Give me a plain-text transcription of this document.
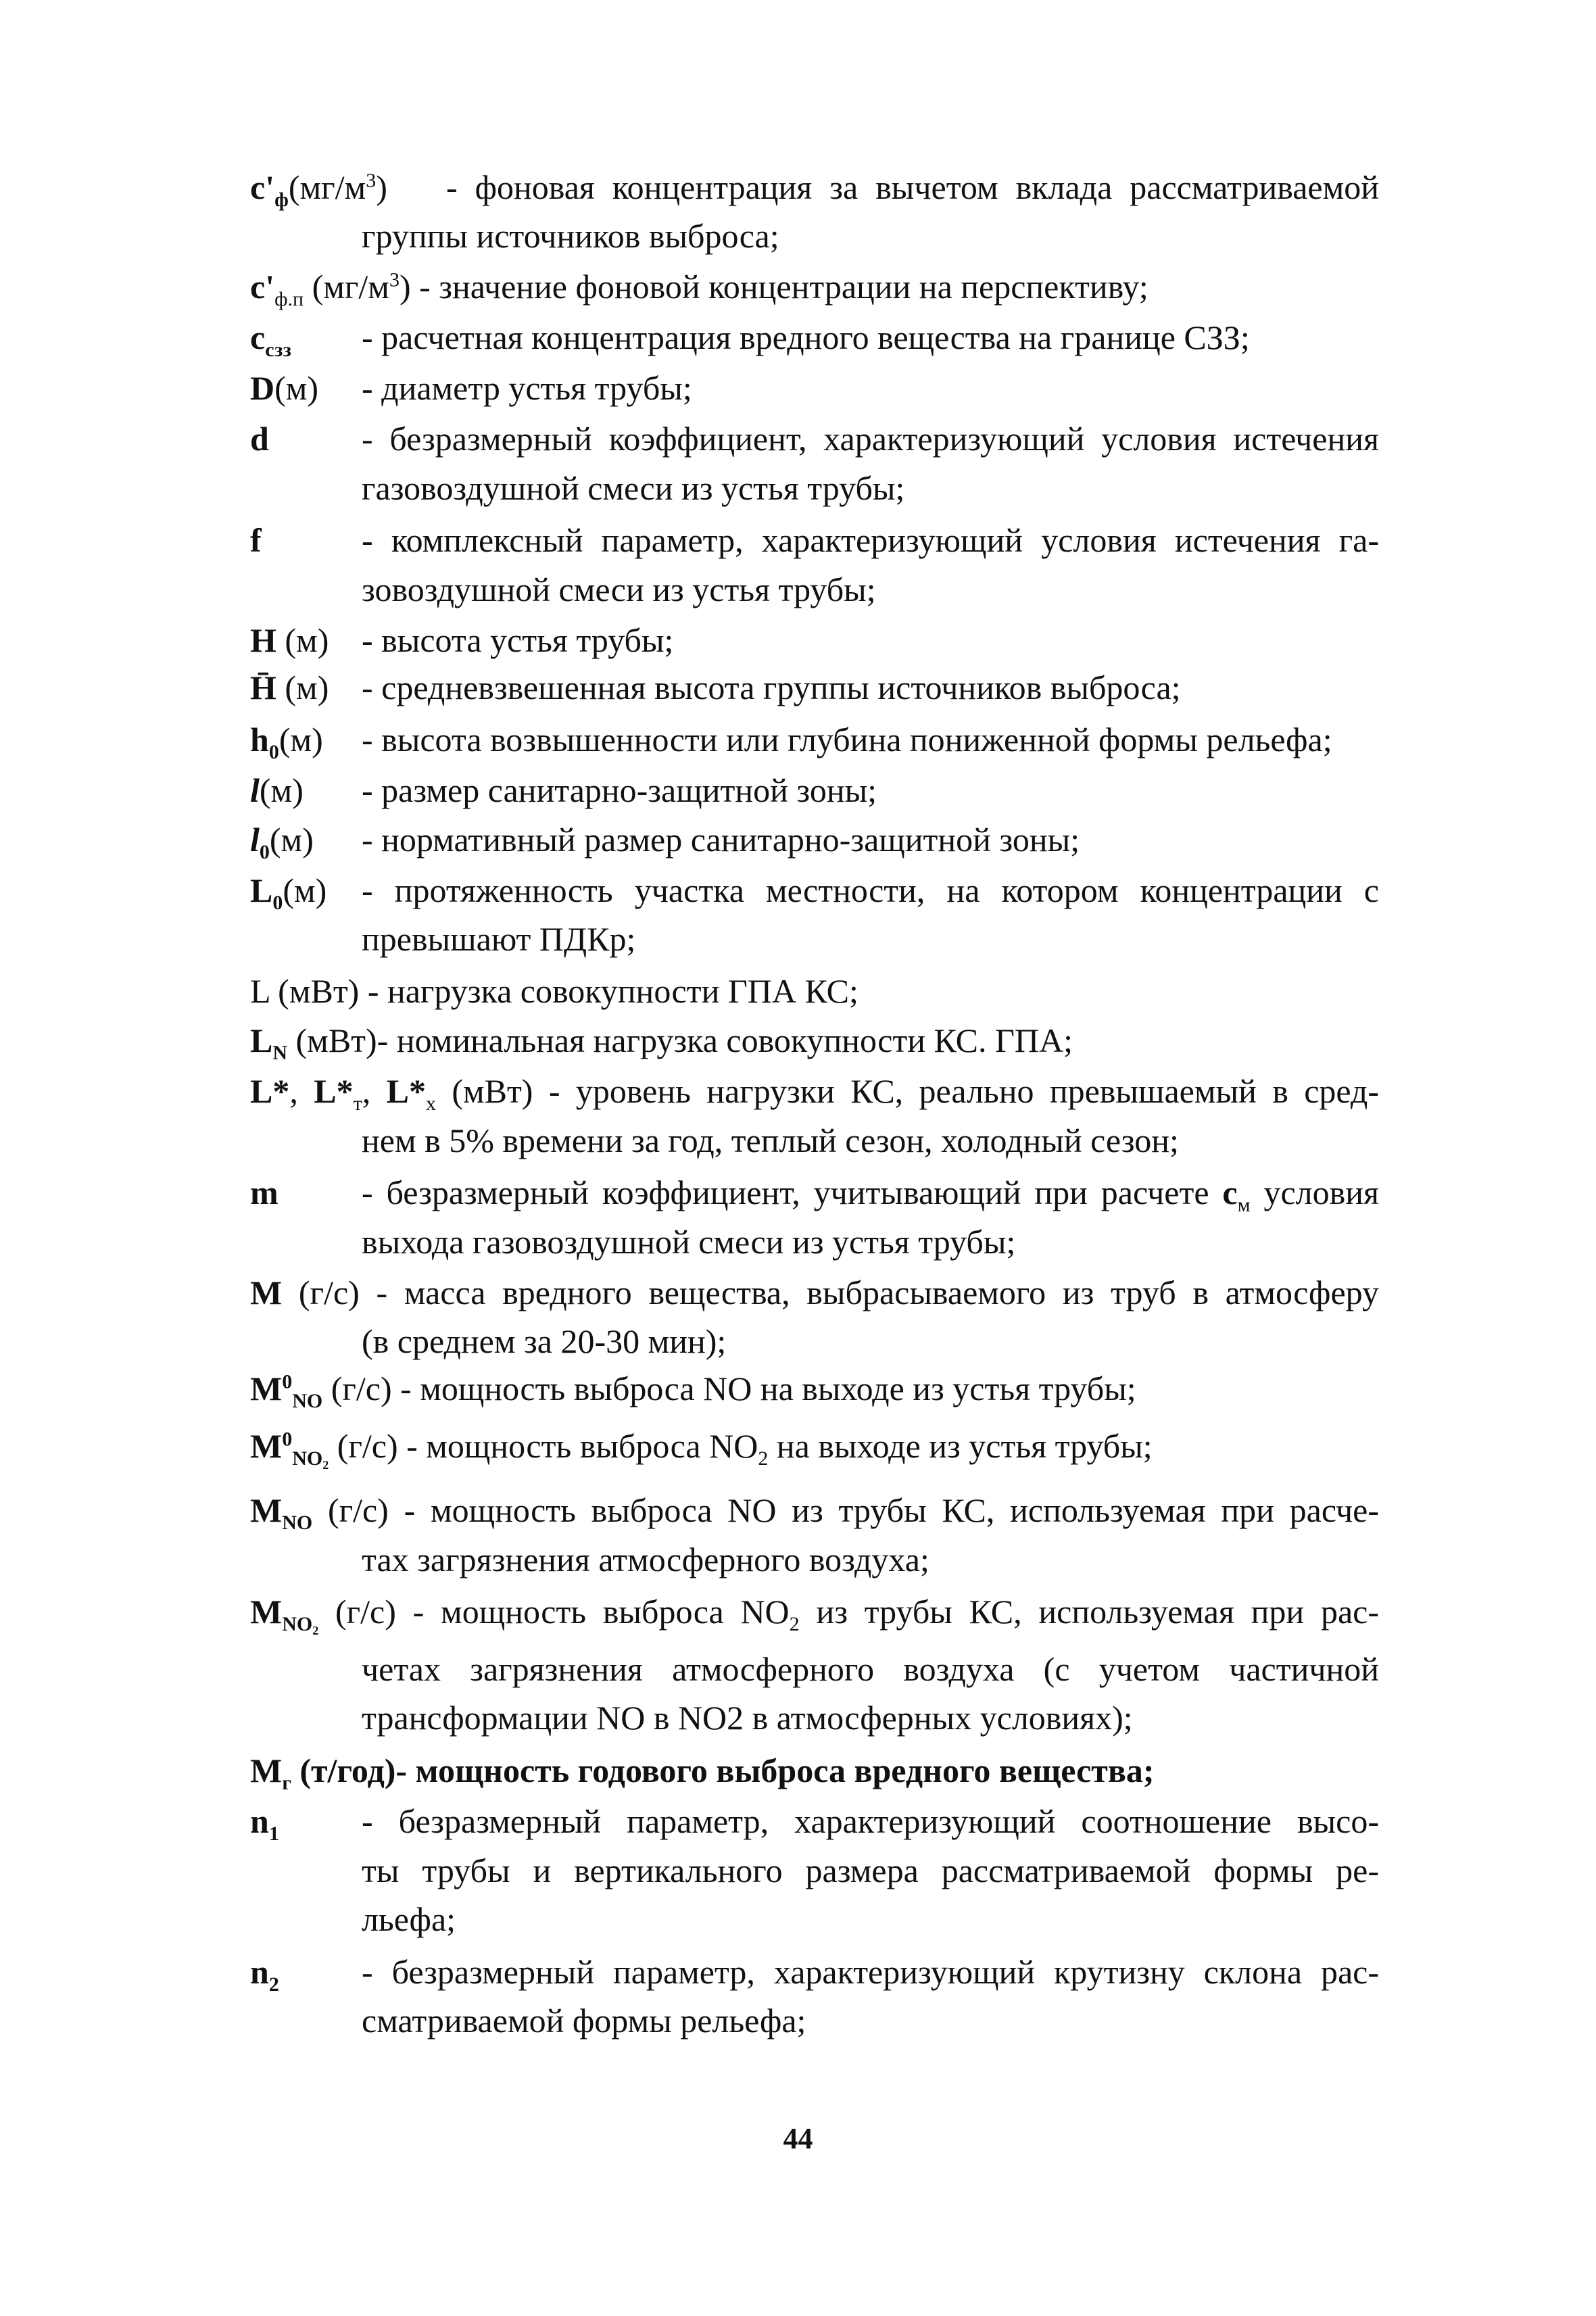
$c'_ф(мг/м^3)$ - фоновая концентрация за вычетом вклада рассматриваемой
группы источников выброса;
$c'_{ф.п}$ $(мг/м^3)$ - значение фоновой концентрации на перспективу;
$c_{сзз}$ - расчетная концентрация вредного вещества на границе СЗЗ;
D(м) - диаметр устья трубы;
d	- безразмерный коэффициент, характеризующий условия истечения
газовоздушной смеси из устья трубы;
f	- комплексный параметр, характеризующий условия истечения га-
зовоздушной смеси из устья трубы;
H (м) - высота устья трубы;
H̄ (м) - средневзвешенная высота группы источников выброса;
$h_0(м)$ - высота возвышенности или глубина пониженной формы рельефа;
l(м) - размер санитарно-защитной зоны;
$l_0(м)$ - нормативный размер санитарно-защитной зоны;
$L_0(м)$ - протяженность участка местности, на котором концентрации c
превышают ПДКр;
L (мВт) - нагрузка совокупности ГПА КС;
$L_N$ (мВт)- номинальная нагрузка совокупности КС. ГПА;
L*, $L*_т$, $L*_х$ (мВт) - уровень нагрузки КС, реально превышаемый в сред-
нем в 5% времени за год, теплый сезон, холодный сезон;
m - безразмерный коэффициент, учитывающий при расчете $c_м$ условия
выхода газовоздушной смеси из устья трубы;
M (г/с) - масса вредного вещества, выбрасываемого из труб в атмосферу
(в среднем за 20-30 мин);
$M^0_{NO}$ (г/с) - мощность выброса NO на выходе из устья трубы;
$M^0_{NO_2}$ (г/с) - мощность выброса $NO_2$ на выходе из устья трубы;
$M_{NO}$ (г/с) - мощность выброса NO из трубы КС, используемая при расче-
тах загрязнения атмосферного воздуха;
$M_{NO_2}$ (г/с) - мощность выброса $NO_2$ из трубы КС, используемая при рас-
четах загрязнения атмосферного воздуха (с учетом частичной
трансформации NO в NO2 в атмосферных условиях);
$M_г$ (т/год)- мощность годового выброса вредного вещества;
$n_1$ - безразмерный параметр, характеризующий соотношение высо-
ты трубы и вертикального размера рассматриваемой формы ре-
льефа;
$n_2$ - безразмерный параметр, характеризующий крутизну склона рас-
сматриваемой формы рельефа;
44
